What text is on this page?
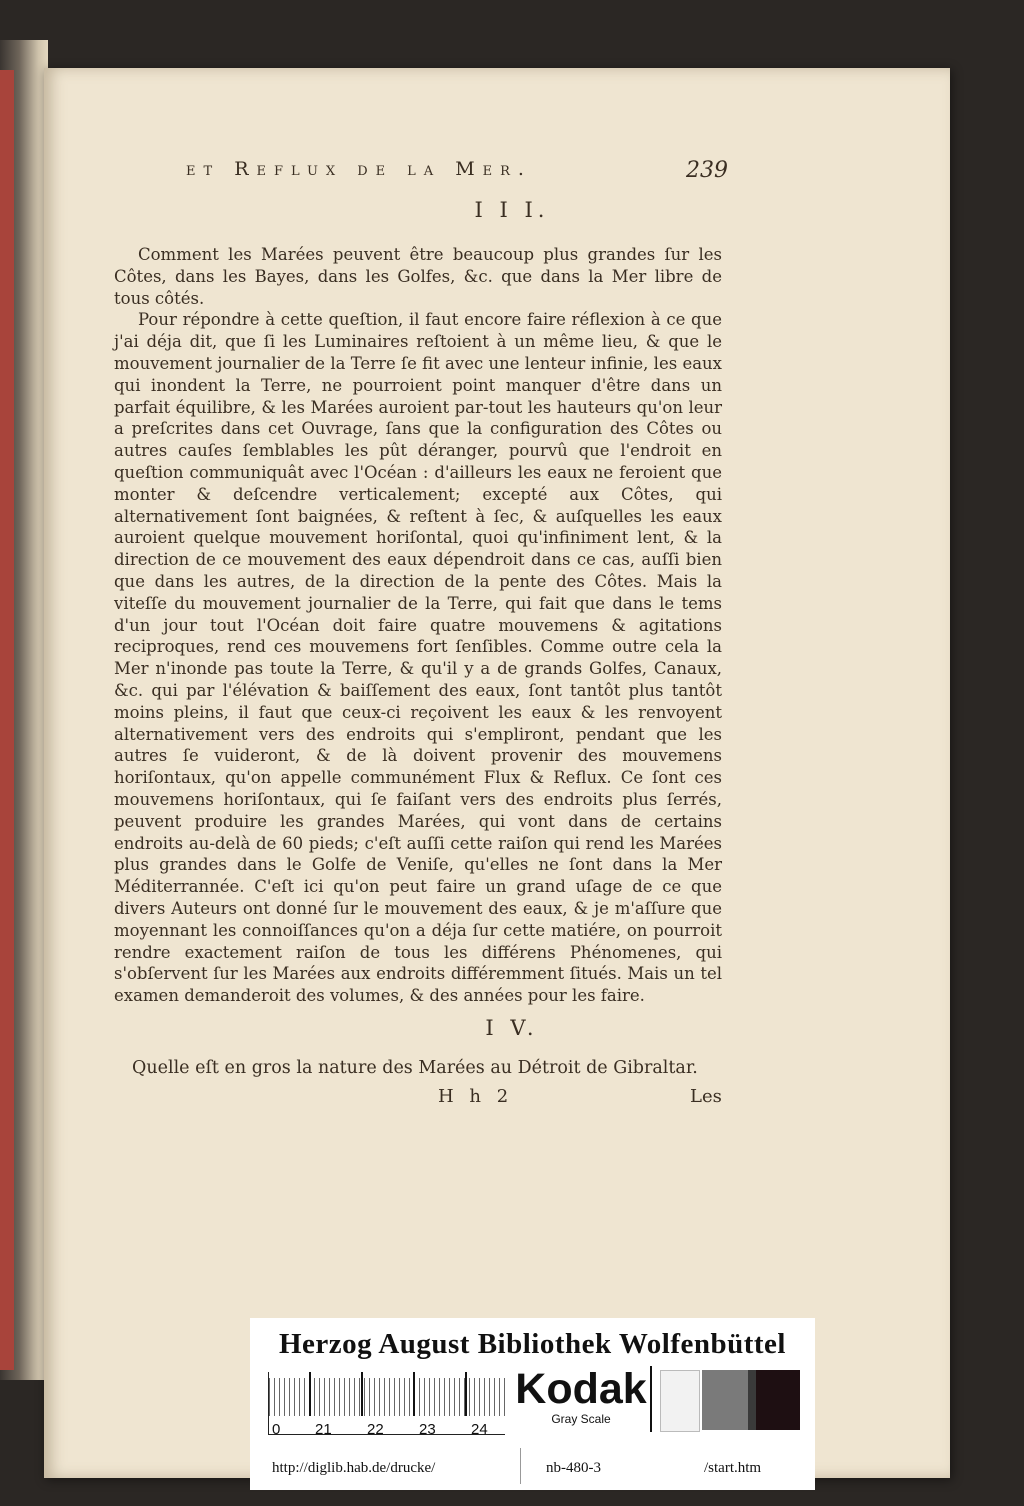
et Reflux de la Mer.	239
I I I.

Comment les Marées peuvent être beaucoup plus grandes ſur les Côtes, dans les Bayes, dans les Golfes, &c. que dans la Mer libre de tous côtés.

Pour répondre à cette queſtion, il faut encore faire réflexion à ce que j'ai déja dit, que ſi les Luminaires reſtoient à un même lieu, & que le mouvement journalier de la Terre ſe fit avec une lenteur infinie, les eaux qui inondent la Terre, ne pourroient point manquer d'être dans un parfait équilibre, & les Marées auroient par-tout les hauteurs qu'on leur a preſcrites dans cet Ouvrage, ſans que la configuration des Côtes ou autres cauſes ſemblables les pût déranger, pourvû que l'endroit en queſtion communiquât avec l'Océan : d'ailleurs les eaux ne feroient que monter & deſcendre verticalement; excepté aux Côtes, qui alternativement ſont baignées, & reſtent à ſec, & auſquelles les eaux auroient quelque mouvement horiſontal, quoi qu'infiniment lent, & la direction de ce mouvement des eaux dépendroit dans ce cas, auſſi bien que dans les autres, de la direction de la pente des Côtes. Mais la viteſſe du mouvement journalier de la Terre, qui fait que dans le tems d'un jour tout l'Océan doit faire quatre mouvemens & agitations reciproques, rend ces mouvemens fort ſenſibles. Comme outre cela la Mer n'inonde pas toute la Terre, & qu'il y a de grands Golfes, Canaux, &c. qui par l'élévation & baiſſement des eaux, ſont tantôt plus tantôt moins pleins, il faut que ceux-ci reçoivent les eaux & les renvoyent alternativement vers des endroits qui s'empliront, pendant que les autres ſe vuideront, & de là doivent provenir des mouvemens horiſontaux, qu'on appelle communément Flux & Reflux. Ce ſont ces mouvemens horiſontaux, qui ſe faiſant vers des endroits plus ſerrés, peuvent produire les grandes Marées, qui vont dans de certains endroits au-delà de 60 pieds; c'eſt auſſi cette raiſon qui rend les Marées plus grandes dans le Golfe de Veniſe, qu'elles ne ſont dans la Mer Méditerrannée. C'eſt ici qu'on peut faire un grand uſage de ce que divers Auteurs ont donné ſur le mouvement des eaux, & je m'aſſure que moyennant les connoiſſances qu'on a déja ſur cette matiére, on pourroit rendre exactement raiſon de tous les différens Phénomenes, qui s'obſervent ſur les Marées aux endroits différemment ſitués. Mais un tel examen demanderoit des volumes, & des années pour les faire.

I V.

Quelle eſt en gros la nature des Marées au Détroit de Gibraltar.

H h 2	Les
Herzog August Bibliothek Wolfenbüttel
0 21 22 23 24
Kodak
Gray Scale
http://diglib.hab.de/drucke/	nb-480-3	/start.htm
